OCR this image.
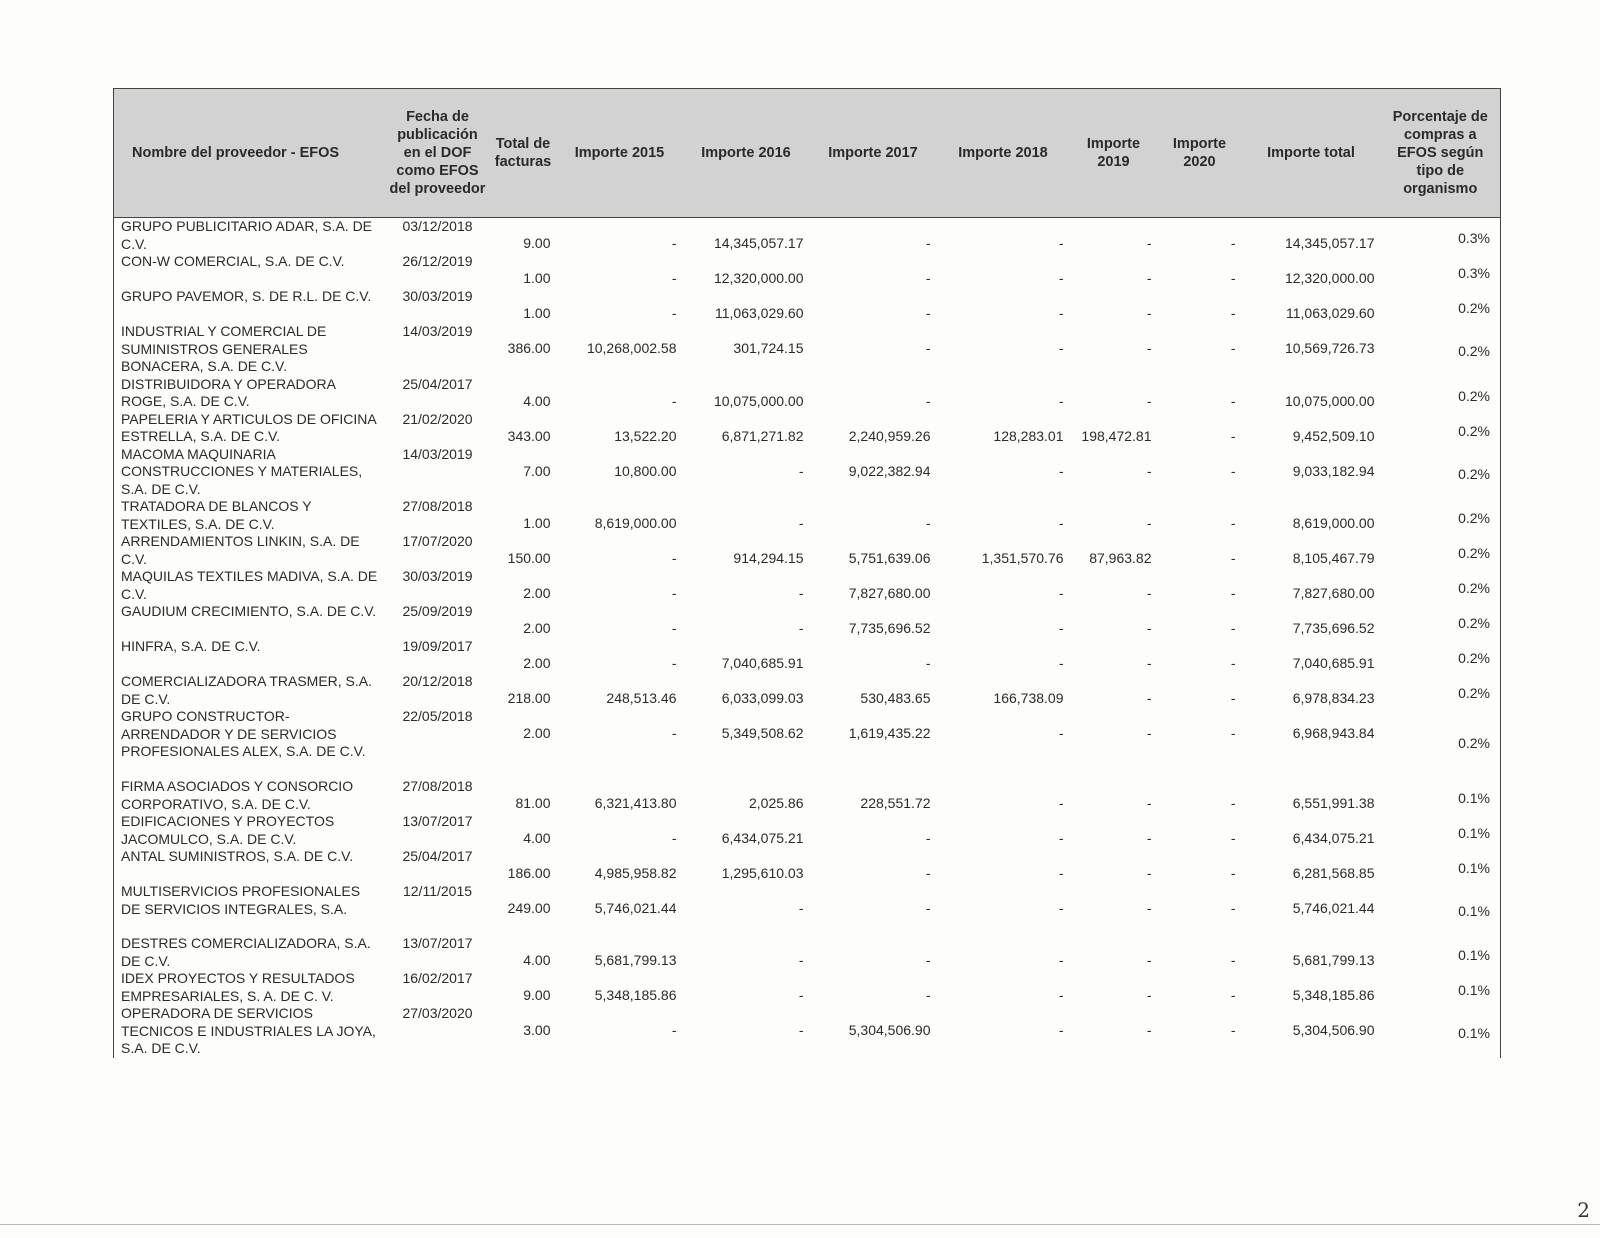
Nombre del proveedor - EFOS	Fecha de publicación en el DOF como EFOS del proveedor	Total de facturas	Importe 2015	Importe 2016	Importe 2017	Importe 2018	Importe 2019	Importe 2020	Importe total	Porcentaje de compras a EFOS según tipo de organismo
GRUPO PUBLICITARIO ADAR, S.A. DE C.V.	03/12/2018	9.00	-	14,345,057.17	-	-	-	-	14,345,057.17	0.3%
CON-W COMERCIAL, S.A. DE C.V.	26/12/2019	1.00	-	12,320,000.00	-	-	-	-	12,320,000.00	0.3%
GRUPO PAVEMOR, S. DE R.L. DE C.V.	30/03/2019	1.00	-	11,063,029.60	-	-	-	-	11,063,029.60	0.2%
INDUSTRIAL Y COMERCIAL DE SUMINISTROS GENERALES BONACERA, S.A. DE C.V.	14/03/2019	386.00	10,268,002.58	301,724.15	-	-	-	-	10,569,726.73	0.2%
DISTRIBUIDORA Y OPERADORA ROGE, S.A. DE C.V.	25/04/2017	4.00	-	10,075,000.00	-	-	-	-	10,075,000.00	0.2%
PAPELERIA Y ARTICULOS DE OFICINA ESTRELLA, S.A. DE C.V.	21/02/2020	343.00	13,522.20	6,871,271.82	2,240,959.26	128,283.01	198,472.81	-	9,452,509.10	0.2%
MACOMA MAQUINARIA CONSTRUCCIONES Y MATERIALES, S.A. DE C.V.	14/03/2019	7.00	10,800.00	-	9,022,382.94	-	-	-	9,033,182.94	0.2%
TRATADORA DE BLANCOS Y TEXTILES, S.A. DE C.V.	27/08/2018	1.00	8,619,000.00	-	-	-	-	-	8,619,000.00	0.2%
ARRENDAMIENTOS LINKIN, S.A. DE C.V.	17/07/2020	150.00	-	914,294.15	5,751,639.06	1,351,570.76	87,963.82	-	8,105,467.79	0.2%
MAQUILAS TEXTILES MADIVA, S.A. DE C.V.	30/03/2019	2.00	-	-	7,827,680.00	-	-	-	7,827,680.00	0.2%
GAUDIUM CRECIMIENTO, S.A. DE C.V.	25/09/2019	2.00	-	-	7,735,696.52	-	-	-	7,735,696.52	0.2%
HINFRA, S.A. DE C.V.	19/09/2017	2.00	-	7,040,685.91	-	-	-	-	7,040,685.91	0.2%
COMERCIALIZADORA TRASMER, S.A. DE C.V.	20/12/2018	218.00	248,513.46	6,033,099.03	530,483.65	166,738.09	-	-	6,978,834.23	0.2%
GRUPO CONSTRUCTOR-ARRENDADOR Y DE SERVICIOS PROFESIONALES ALEX, S.A. DE C.V.	22/05/2018	2.00	-	5,349,508.62	1,619,435.22	-	-	-	6,968,943.84	0.2%
FIRMA ASOCIADOS Y CONSORCIO CORPORATIVO, S.A. DE C.V.	27/08/2018	81.00	6,321,413.80	2,025.86	228,551.72	-	-	-	6,551,991.38	0.1%
EDIFICACIONES Y PROYECTOS JACOMULCO, S.A. DE C.V.	13/07/2017	4.00	-	6,434,075.21	-	-	-	-	6,434,075.21	0.1%
ANTAL SUMINISTROS, S.A. DE C.V.	25/04/2017	186.00	4,985,958.82	1,295,610.03	-	-	-	-	6,281,568.85	0.1%
MULTISERVICIOS PROFESIONALES DE SERVICIOS INTEGRALES, S.A.	12/11/2015	249.00	5,746,021.44	-	-	-	-	-	5,746,021.44	0.1%
DESTRES COMERCIALIZADORA, S.A. DE C.V.	13/07/2017	4.00	5,681,799.13	-	-	-	-	-	5,681,799.13	0.1%
IDEX PROYECTOS Y RESULTADOS EMPRESARIALES, S. A. DE C. V.	16/02/2017	9.00	5,348,185.86	-	-	-	-	-	5,348,185.86	0.1%
OPERADORA DE SERVICIOS TECNICOS E INDUSTRIALES LA JOYA, S.A. DE C.V.	27/03/2020	3.00	-	-	5,304,506.90	-	-	-	5,304,506.90	0.1%
2
